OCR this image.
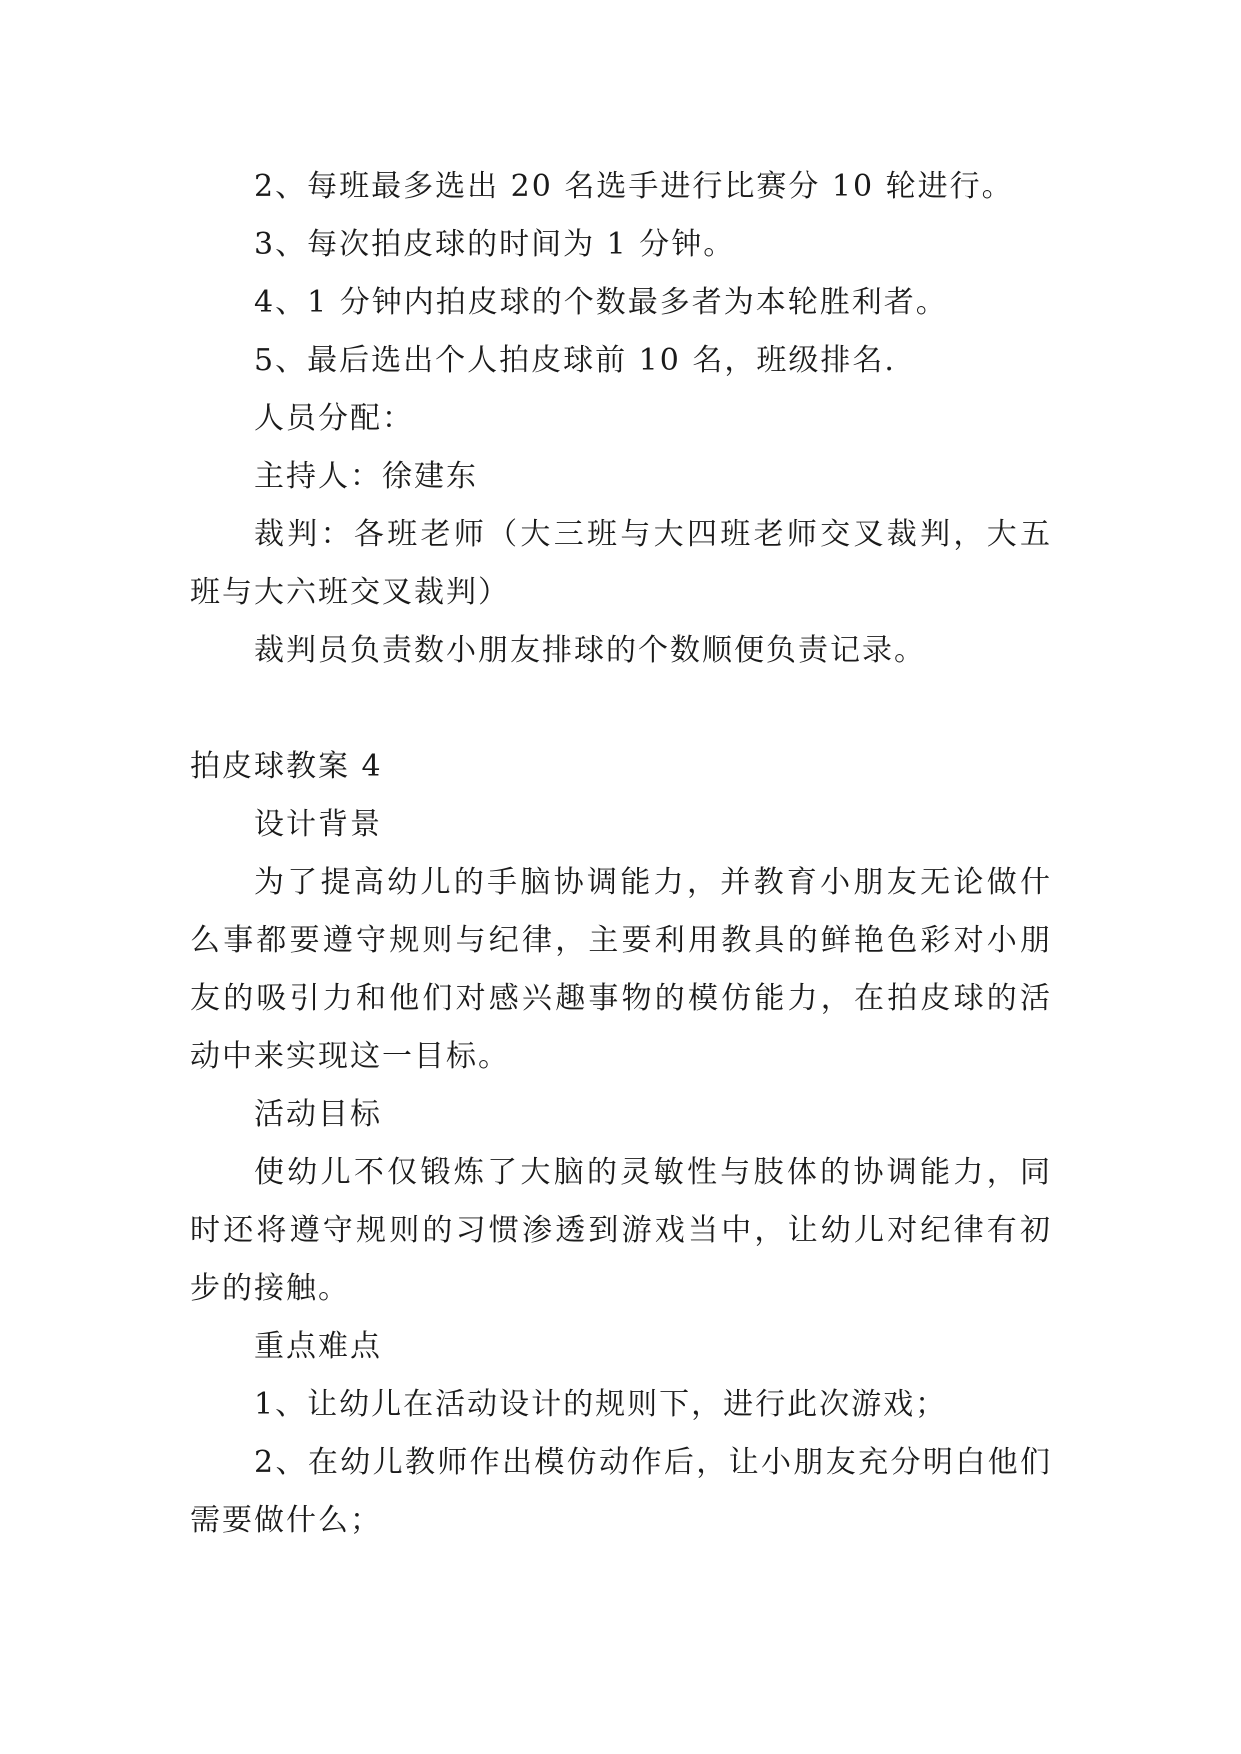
2、每班最多选出 20 名选手进行比赛分 10 轮进行。

3、每次拍皮球的时间为 1 分钟。

4、1 分钟内拍皮球的个数最多者为本轮胜利者。

5、最后选出个人拍皮球前 10 名，班级排名.

人员分配：

主持人：徐建东

裁判：各班老师（大三班与大四班老师交叉裁判，大五班与大六班交叉裁判）

裁判员负责数小朋友排球的个数顺便负责记录。

拍皮球教案 4

设计背景

为了提高幼儿的手脑协调能力，并教育小朋友无论做什么事都要遵守规则与纪律，主要利用教具的鲜艳色彩对小朋友的吸引力和他们对感兴趣事物的模仿能力，在拍皮球的活动中来实现这一目标。

活动目标

使幼儿不仅锻炼了大脑的灵敏性与肢体的协调能力，同时还将遵守规则的习惯渗透到游戏当中，让幼儿对纪律有初步的接触。

重点难点

1、让幼儿在活动设计的规则下，进行此次游戏；

2、在幼儿教师作出模仿动作后，让小朋友充分明白他们需要做什么；
